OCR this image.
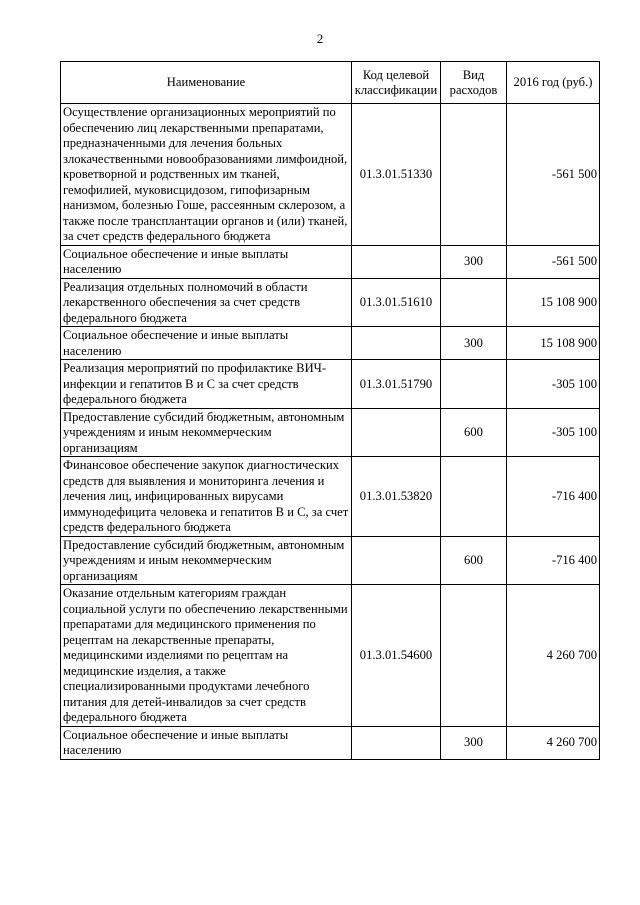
2
Наименование	Код целевой классификации	Вид расходов	2016 год (руб.)
Осуществление организационных мероприятий по обеспечению лиц лекарственными препаратами, предназначенными для лечения больных злокачественными новообразованиями лимфоидной, кроветворной и родственных им тканей, гемофилией, муковисцидозом, гипофизарным нанизмом, болезнью Гоше, рассеянным склерозом, а также после трансплантации органов и (или) тканей, за счет средств федерального бюджета	01.3.01.51330		-561 500
Социальное обеспечение и иные выплаты населению		300	-561 500
Реализация отдельных полномочий в области лекарственного обеспечения за счет средств федерального бюджета	01.3.01.51610		15 108 900
Социальное обеспечение и иные выплаты населению		300	15 108 900
Реализация мероприятий по профилактике ВИЧ-инфекции и гепатитов В и С за счет средств федерального бюджета	01.3.01.51790		-305 100
Предоставление субсидий бюджетным, автономным учреждениям и иным некоммерческим организациям		600	-305 100
Финансовое обеспечение закупок диагностических средств для выявления и мониторинга лечения и лечения лиц, инфицированных вирусами иммунодефицита человека и гепатитов В и С, за счет средств федерального бюджета	01.3.01.53820		-716 400
Предоставление субсидий бюджетным, автономным учреждениям и иным некоммерческим организациям		600	-716 400
Оказание отдельным категориям граждан социальной услуги по обеспечению лекарственными препаратами для медицинского применения по рецептам на лекарственные препараты, медицинскими изделиями по рецептам на медицинские изделия, а также специализированными продуктами лечебного питания для детей-инвалидов за счет средств федерального бюджета	01.3.01.54600		4 260 700
Социальное обеспечение и иные выплаты населению		300	4 260 700
